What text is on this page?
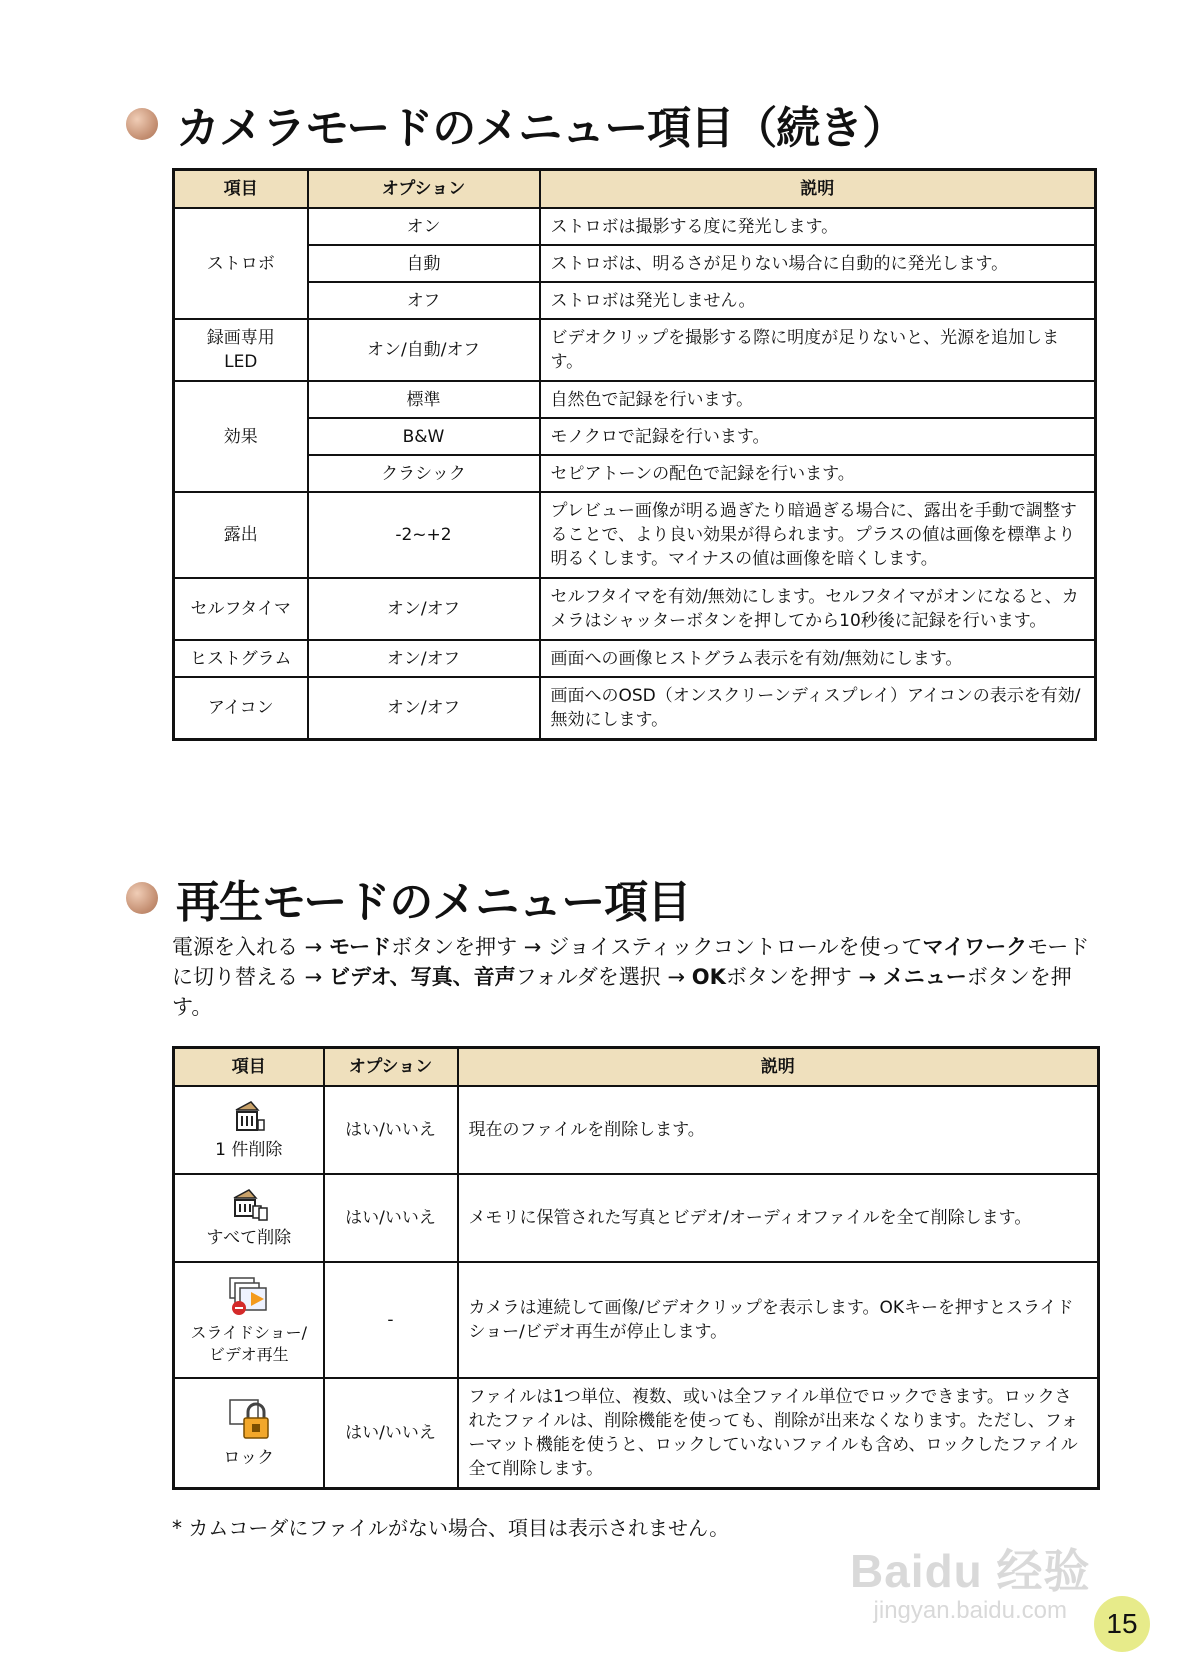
カメラモードのメニュー項目（続き）
項目	オプション	説明
ストロボ	オン	ストロボは撮影する度に発光します。
	自動	ストロボは、明るさが足りない場合に自動的に発光します。
	オフ	ストロボは発光しません。

録画専用
LED	オン/自動/オフ	ビデオクリップを撮影する際に明度が足りないと、光源を追加します。
効果	標準	自然色で記録を行います。
	B&W	モノクロで記録を行います。
	クラシック	セピアトーンの配色で記録を行います。
露出	-2~+2	プレビュー画像が明る過ぎたり暗過ぎる場合に、露出を手動で調整することで、より良い効果が得られます。プラスの値は画像を標準より明るくします。マイナスの値は画像を暗くします。
セルフタイマ	オン/オフ	セルフタイマを有効/無効にします。セルフタイマがオンになると、カメラはシャッターボタンを押してから10秒後に記録を行います。
ヒストグラム	オン/オフ	画面への画像ヒストグラム表示を有効/無効にします。
アイコン	オン/オフ	画面へのOSD（オンスクリーンディスプレイ）アイコンの表示を有効/無効にします。
再生モードのメニュー項目
電源を入れる → モードボタンを押す → ジョイスティックコントロールを使ってマイワークモードに切り替える → ビデオ、写真、音声フォルダを選択 → OKボタンを押す → メニューボタンを押す。
項目	オプション	説明

1 件削除	はい/いいえ	現在のファイルを削除します。

すべて削除	はい/いいえ	メモリに保管された写真とビデオ/オーディオファイルを全て削除します。

スライドショー/ビデオ再生	-	カメラは連続して画像/ビデオクリップを表示します。OKキーを押すとスライドショー/ビデオ再生が停止します。

ロック	はい/いいえ	ファイルは1つ単位、複数、或いは全ファイル単位でロックできます。ロックされたファイルは、削除機能を使っても、削除が出来なくなります。ただし、フォーマット機能を使うと、ロックしていないファイルも含め、ロックしたファイル全て削除します。
* カムコーダにファイルがない場合、項目は表示されません。
Baidu 经验
jingyan.baidu.com	15
